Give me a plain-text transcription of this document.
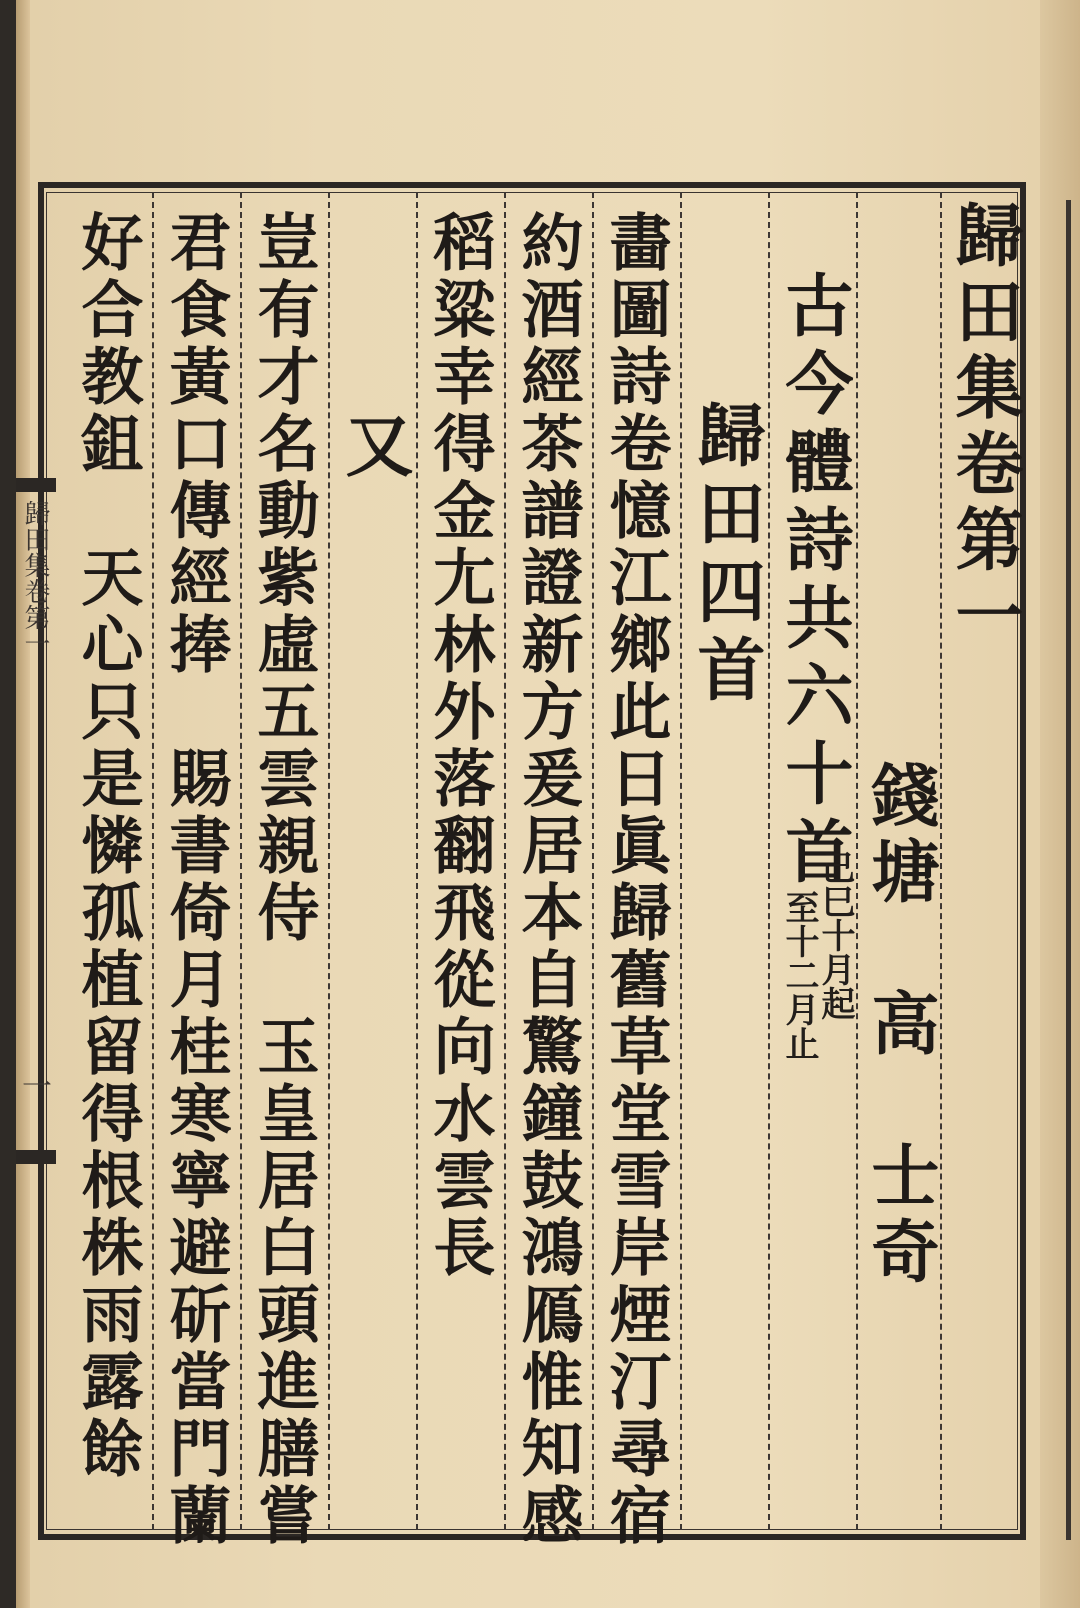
歸田集卷第一
錢塘　高　士奇
古今體詩共六十首
己巳十月起
至十二月止
歸田四首
畵圖詩卷憶江鄉此日眞歸舊草堂雪岸煙汀尋宿
約酒經茶譜證新方爰居本自驚鐘鼓鴻鴈惟知感
稻粱幸得金尢林外落翻飛從向水雲長
又
豈有才名動紫虛五雲親侍　玉皇居白頭進膳嘗
君食黃口傳經捧　賜書倚月桂寒寧避斫當門蘭
好合教鉏　天心只是憐孤植留得根株雨露餘
歸田集卷第一
一
